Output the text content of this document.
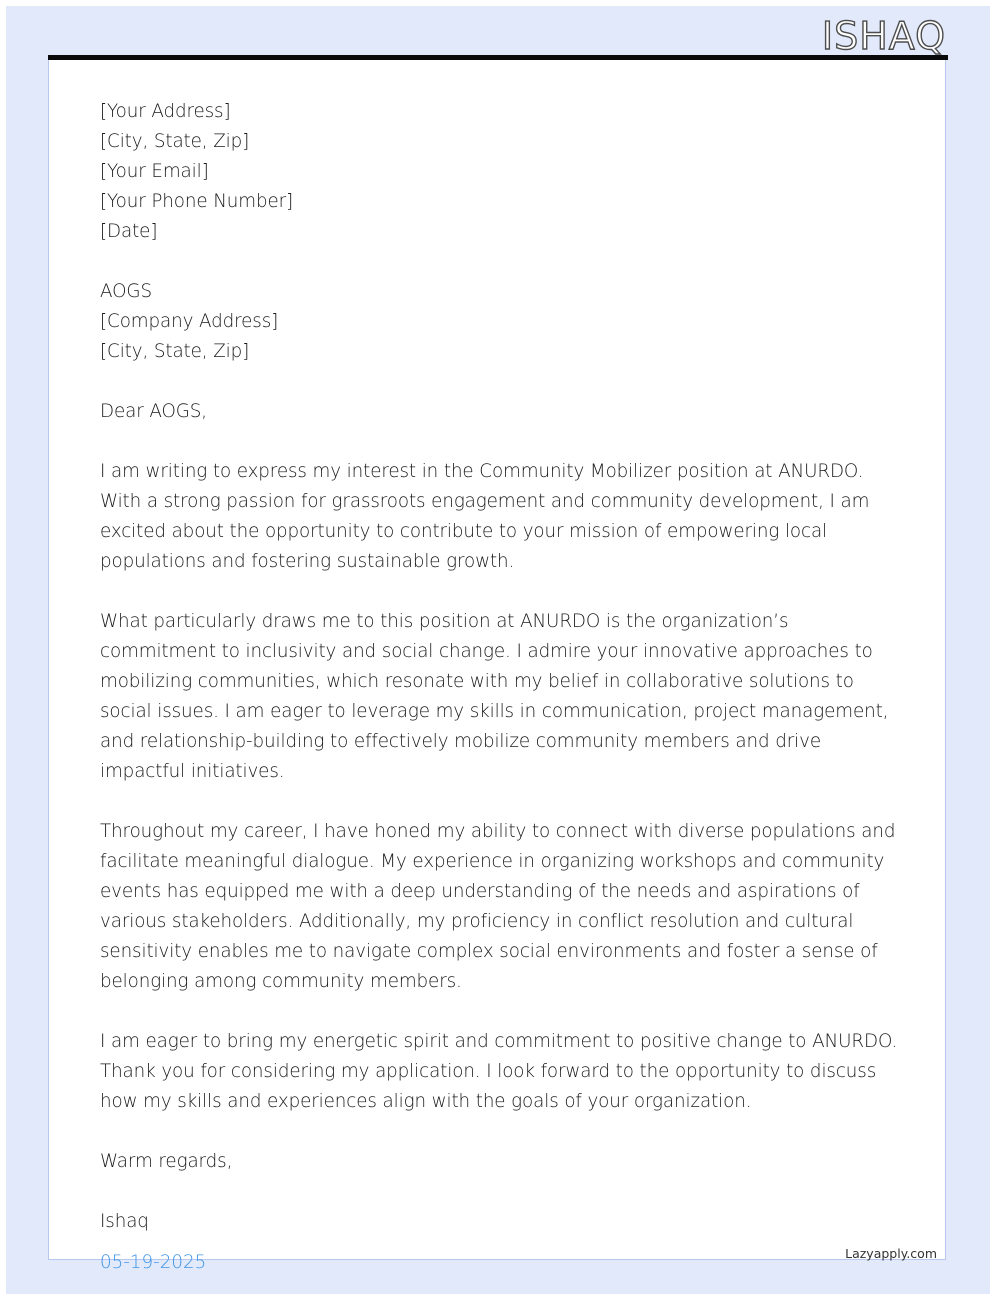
ISHAQ
[Your Address]
[City, State, Zip]
[Your Email]
[Your Phone Number]
[Date]
AOGS
[Company Address]
[City, State, Zip]

Dear AOGS,

I am writing to express my interest in the Community Mobilizer position at ANURDO. With a strong passion for grassroots engagement and community development, I am excited about the opportunity to contribute to your mission of empowering local populations and fostering sustainable growth.

What particularly draws me to this position at ANURDO is the organization’s commitment to inclusivity and social change. I admire your innovative approaches to mobilizing communities, which resonate with my belief in collaborative solutions to social issues. I am eager to leverage my skills in communication, project management, and relationship-building to effectively mobilize community members and drive impactful initiatives.

Throughout my career, I have honed my ability to connect with diverse populations and facilitate meaningful dialogue. My experience in organizing workshops and community events has equipped me with a deep understanding of the needs and aspirations of various stakeholders. Additionally, my proficiency in conflict resolution and cultural sensitivity enables me to navigate complex social environments and foster a sense of belonging among community members.

I am eager to bring my energetic spirit and commitment to positive change to ANURDO. Thank you for considering my application. I look forward to the opportunity to discuss how my skills and experiences align with the goals of your organization.

Warm regards,

Ishaq
05-19-2025	Lazyapply.com
